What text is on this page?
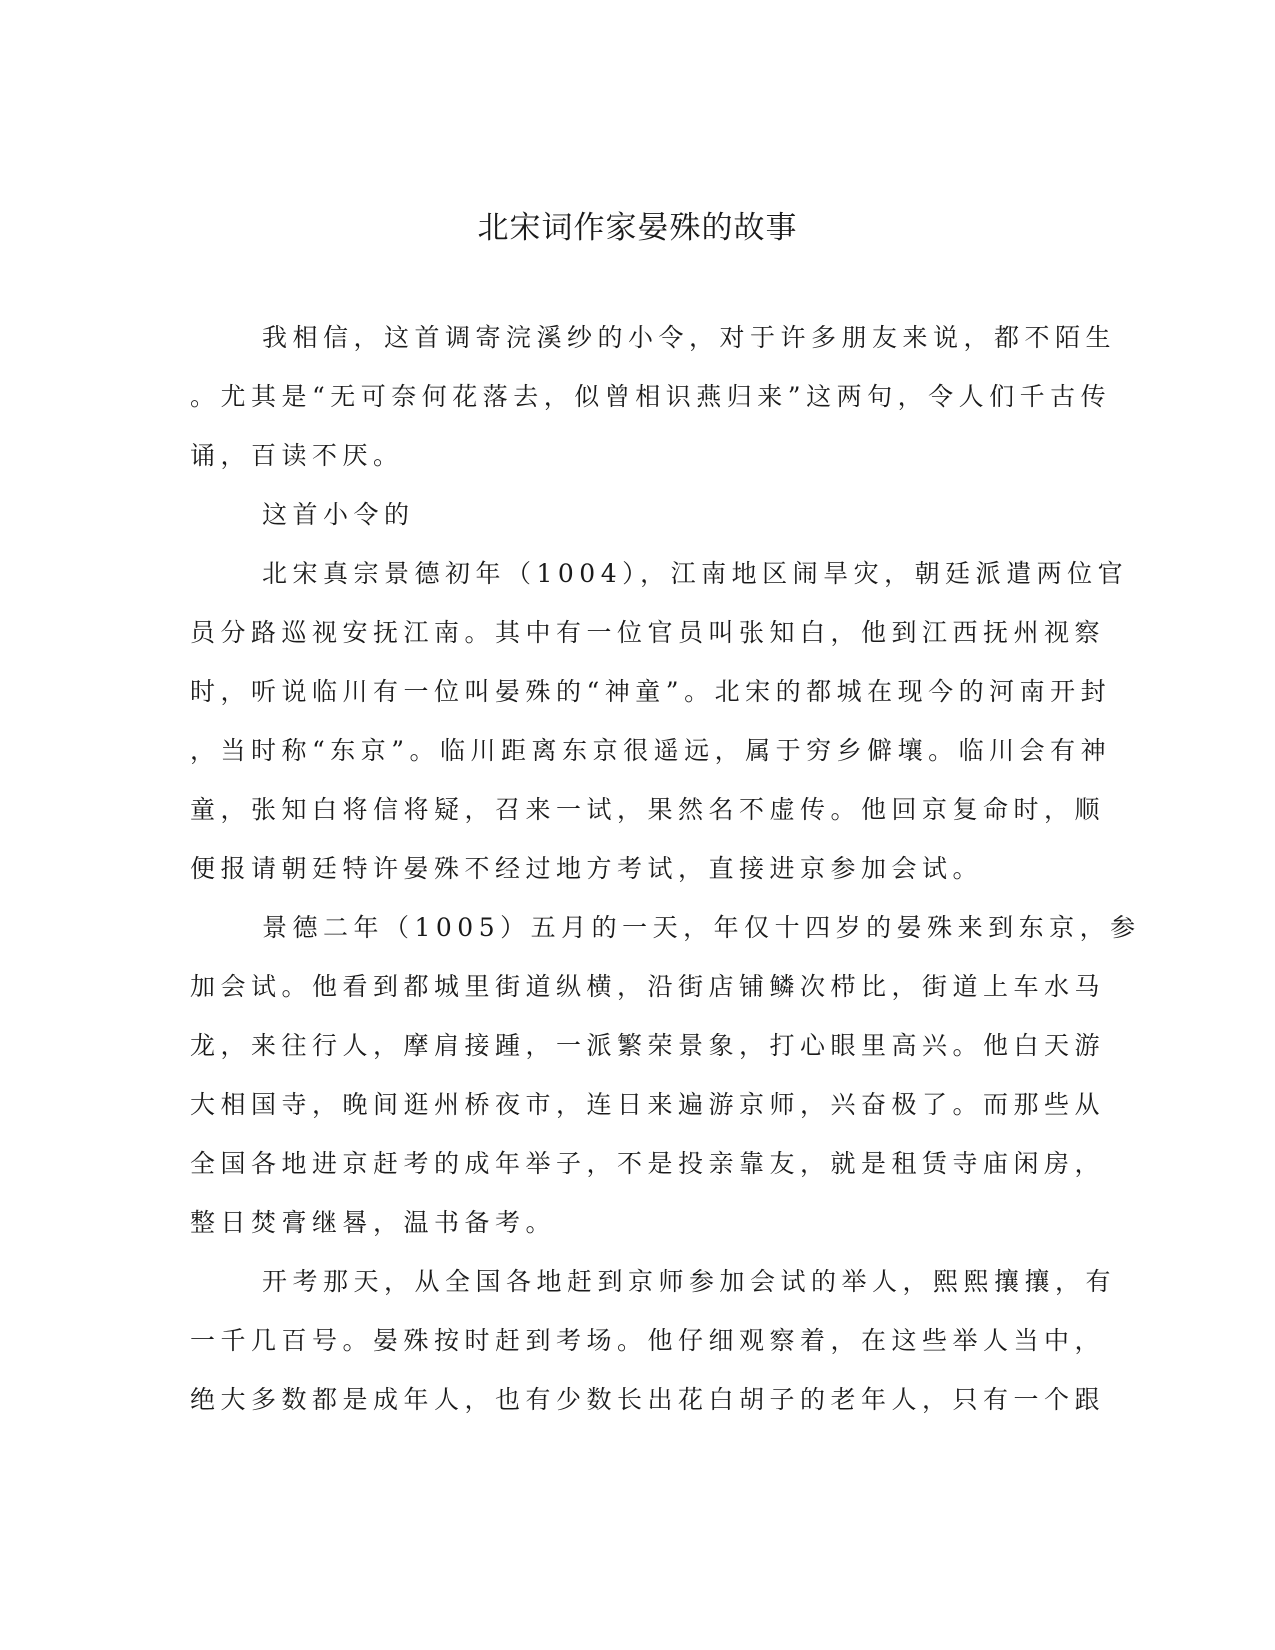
北宋词作家晏殊的故事

我相信，这首调寄浣溪纱的小令，对于许多朋友来说，都不陌生

。尤其是“无可奈何花落去，似曾相识燕归来”这两句，令人们千古传

诵，百读不厌。

这首小令的

北宋真宗景德初年（1004），江南地区闹旱灾，朝廷派遣两位官

员分路巡视安抚江南。其中有一位官员叫张知白，他到江西抚州视察

时，听说临川有一位叫晏殊的“神童”。北宋的都城在现今的河南开封

，当时称“东京”。临川距离东京很遥远，属于穷乡僻壤。临川会有神

童，张知白将信将疑，召来一试，果然名不虚传。他回京复命时，顺

便报请朝廷特许晏殊不经过地方考试，直接进京参加会试。

景德二年（1005）五月的一天，年仅十四岁的晏殊来到东京，参

加会试。他看到都城里街道纵横，沿街店铺鳞次栉比，街道上车水马

龙，来往行人，摩肩接踵，一派繁荣景象，打心眼里高兴。他白天游

大相国寺，晚间逛州桥夜市，连日来遍游京师，兴奋极了。而那些从

全国各地进京赶考的成年举子，不是投亲靠友，就是租赁寺庙闲房，

整日焚膏继晷，温书备考。

开考那天，从全国各地赶到京师参加会试的举人，熙熙攘攘，有

一千几百号。晏殊按时赶到考场。他仔细观察着，在这些举人当中，

绝大多数都是成年人，也有少数长出花白胡子的老年人，只有一个跟
